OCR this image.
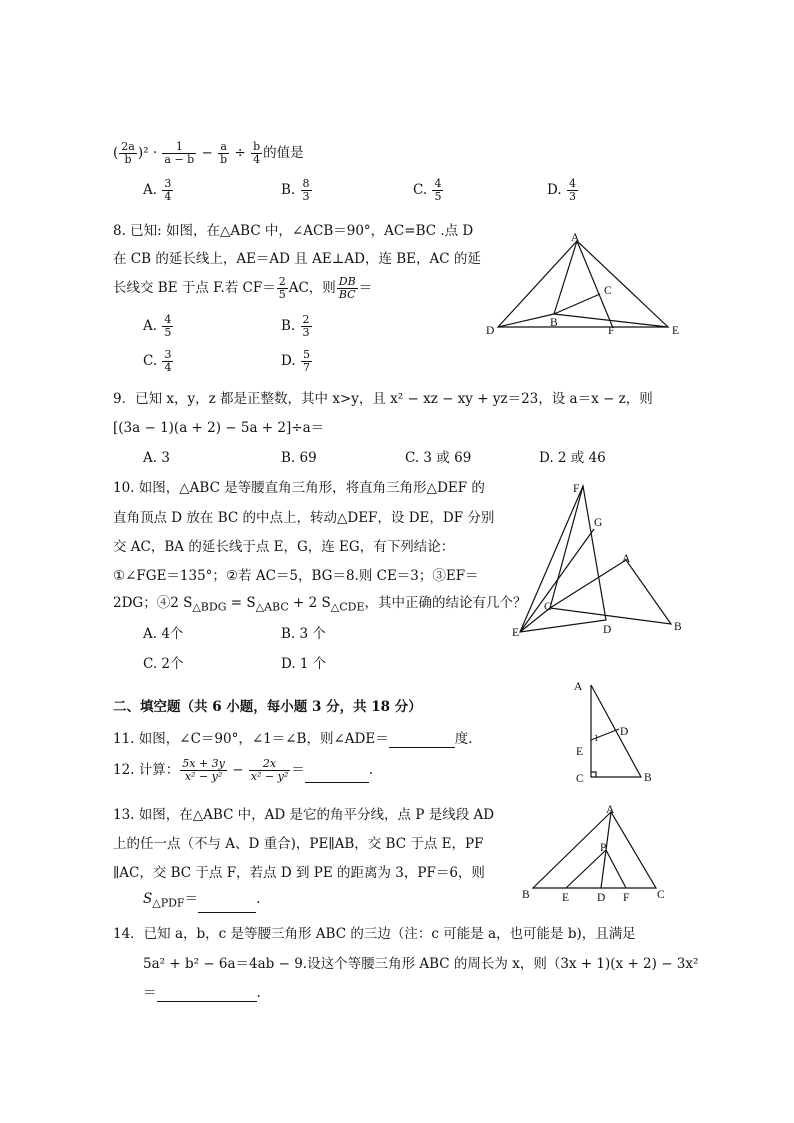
( $\frac{2a}{b} )^2 \cdot \frac{1}{a - b} - \frac{a}{b} \div \frac{b}{4}$ 的值是
A. $\frac{3}{4}$	B. $\frac{8}{3}$	C. $\frac{4}{5}$	D. $\frac{4}{3}$
8. 已知: 如图，在△ABC 中，∠ACB＝90°，AC=BC .点 D
在 CB 的延长线上，AE＝AD 且 AE⊥AD，连 BE，AC 的延
长线交 BE 于点 F.若 $CF= \frac{2}{5}$ AC，则 $\frac{DB}{BC}$ ＝
A. $\frac{4}{5}$	B. $\frac{2}{3}$
C. $\frac{3}{4}$	D. $\frac{5}{7}$
A
C
B
D	F	E
9．已知 x，y，z 都是正整数，其中 x>y，且 x² − xz − xy + yz＝23，设 a＝x − z，则
[(3a − 1)(a + 2) − 5a + 2]÷a＝
A. 3	B. 69	C. 3 或 69	D. 2 或 46
10. 如图，△ABC 是等腰直角三角形，将直角三角形△DEF 的
直角顶点 D 放在 BC 的中点上，转动△DEF，设 DE，DF 分别
交 AC，BA 的延长线于点 E，G，连 EG，有下列结论：
①∠FGE＝135°；②若 AC＝5，BG＝8.则 CE＝3；③EF＝
2DG；④2 $S_{\triangle BDG} = S_{\triangle ABC} + 2$ $S_{\triangle CDE}$，其中正确的结论有几个？
A. 4个	B. 3 个
C. 2个	D. 1 个
F
G
A
C
E	D	B
二、填空题（共 6 小题，每小题 3 分，共 18 分）
11. 如图，∠C＝90°，∠1＝∠B，则∠ADE＝	度.
A
D
1
E
C	B
12. 计算： $\frac{5x + 3y}{\text{x² − y²}} - \frac{2x}{\text{x² − y²}}$ ＝	.
13. 如图，在△ABC 中，AD 是它的角平分线，点 P 是线段 AD
上的任一点（不与 A、D 重合)，PE∥AB，交 BC 于点 E，PF
∥AC，交 BC 于点 F，若点 D 到 PE 的距离为 3，PF＝6，则
$S_{\triangle PDF}=$	.
A
P
B	E D F C
14．已知 a，b，c 是等腰三角形 ABC 的三边（注：c 可能是 a，也可能是 b)，且满足
5a² + b² − 6a＝4ab − 9.设这个等腰三角形 ABC 的周长为 x，则（3x + 1)(x + 2) − 3x²
＝	.
